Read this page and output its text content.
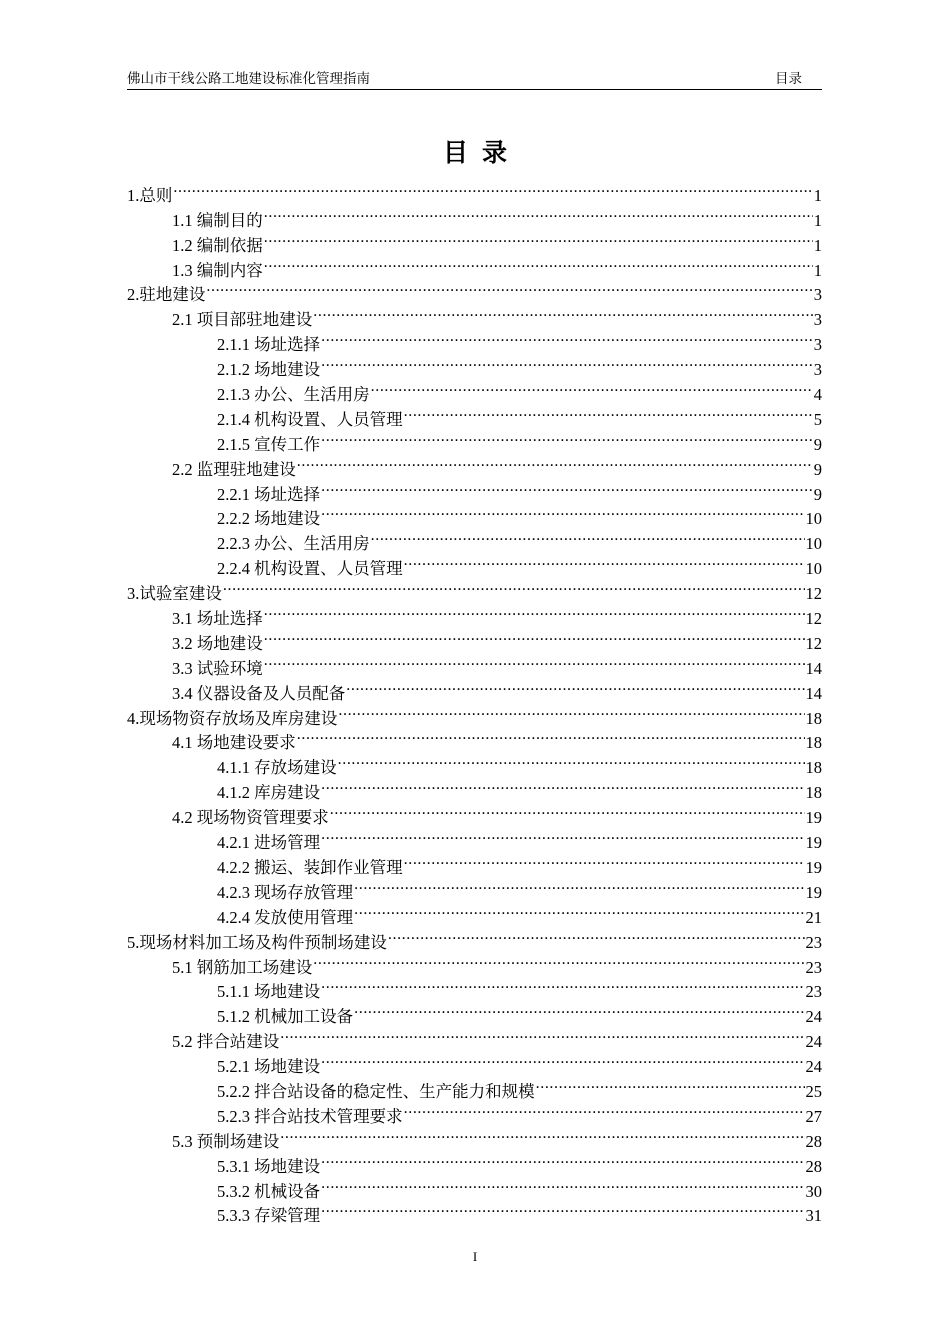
佛山市干线公路工地建设标准化管理指南	目录
目录
1.总则 .....	1
1.1 编制目的 .....	1
1.2 编制依据 .....	1
1.3 编制内容 .....	1
2.驻地建设 .....	3
2.1 项目部驻地建设 .....	3
2.1.1 场址选择 .....	3
2.1.2 场地建设 .....	3
2.1.3 办公、生活用房 .....	4
2.1.4 机构设置、人员管理 .....	5
2.1.5 宣传工作 .....	9
2.2 监理驻地建设 .....	9
2.2.1 场址选择 .....	9
2.2.2 场地建设 .....	10
2.2.3 办公、生活用房 .....	10
2.2.4 机构设置、人员管理 .....	10
3.试验室建设 .....	12
3.1 场址选择 .....	12
3.2 场地建设 .....	12
3.3 试验环境 .....	14
3.4 仪器设备及人员配备 .....	14
4.现场物资存放场及库房建设 .....	18
4.1 场地建设要求 .....	18
4.1.1 存放场建设 .....	18
4.1.2 库房建设 .....	18
4.2 现场物资管理要求 .....	19
4.2.1 进场管理 .....	19
4.2.2 搬运、装卸作业管理 .....	19
4.2.3 现场存放管理 .....	19
4.2.4 发放使用管理 .....	21
5.现场材料加工场及构件预制场建设 .....	23
5.1 钢筋加工场建设 .....	23
5.1.1 场地建设 .....	23
5.1.2 机械加工设备 .....	24
5.2 拌合站建设 .....	24
5.2.1 场地建设 .....	24
5.2.2 拌合站设备的稳定性、生产能力和规模 .....	25
5.2.3 拌合站技术管理要求 .....	27
5.3 预制场建设 .....	28
5.3.1 场地建设 .....	28
5.3.2 机械设备 .....	30
5.3.3 存梁管理 .....	31
I
